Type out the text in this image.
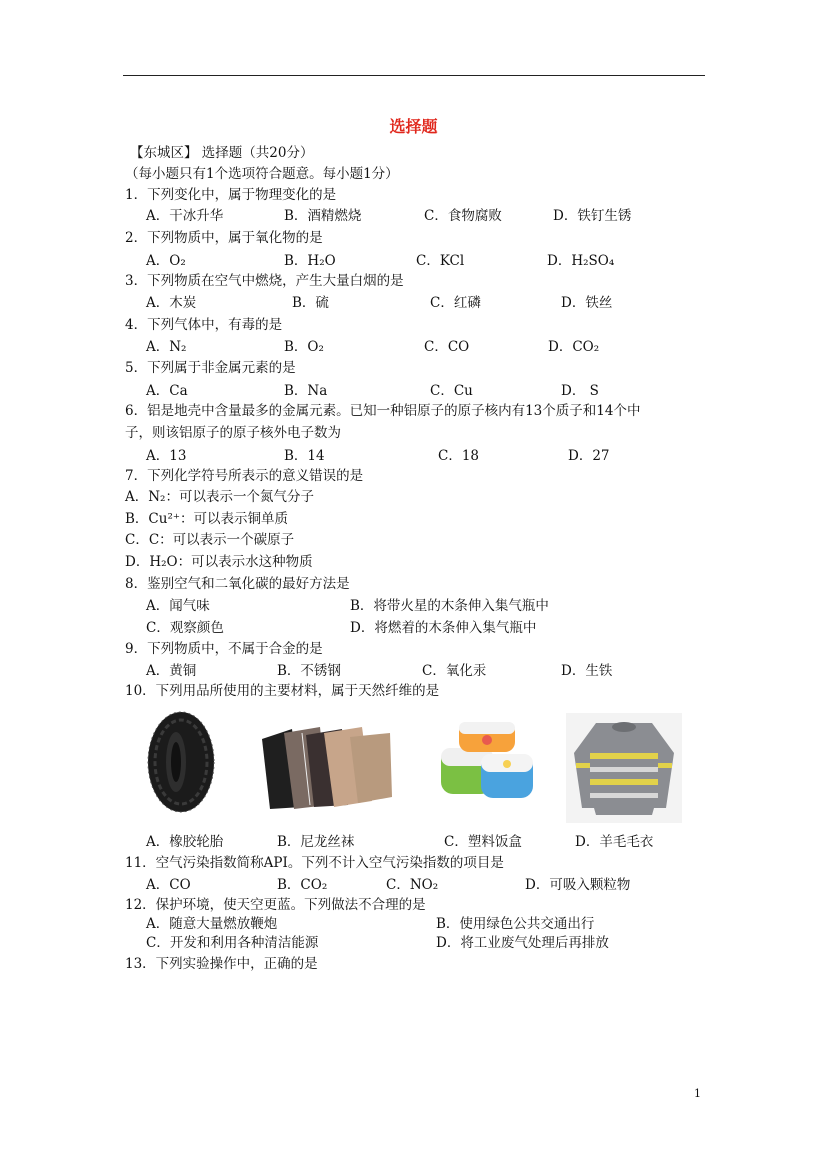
选择题
【东城区】 选择题（共20分）
（每小题只有1个选项符合题意。每小题1分）
1．下列变化中，属于物理变化的是
A．干冰升华	B．酒精燃烧	C．食物腐败	D．铁钉生锈
2．下列物质中，属于氧化物的是
A．O₂	B．H₂O	C．KCl	D．H₂SO₄
3．下列物质在空气中燃烧，产生大量白烟的是
A．木炭	B．硫	C．红磷	D．铁丝
4．下列气体中，有毒的是
A．N₂	B．O₂	C．CO	D．CO₂
5．下列属于非金属元素的是
A．Ca	B．Na	C．Cu	D． S
6．铝是地壳中含量最多的金属元素。已知一种铝原子的原子核内有13个质子和14个中
子，则该铝原子的原子核外电子数为
A．13	B．14	C．18	D．27
7．下列化学符号所表示的意义错误的是
A．N₂：可以表示一个氮气分子
B．Cu²⁺：可以表示铜单质
C．C：可以表示一个碳原子
D．H₂O：可以表示水这种物质
8．鉴别空气和二氧化碳的最好方法是
A．闻气味	B．将带火星的木条伸入集气瓶中
C．观察颜色	D．将燃着的木条伸入集气瓶中
9．下列物质中，不属于合金的是
A．黄铜	B．不锈钢	C．氧化汞	D．生铁
10．下列用品所使用的主要材料，属于天然纤维的是
A．橡胶轮胎	B．尼龙丝袜	C．塑料饭盒	D．羊毛毛衣
11．空气污染指数简称API。下列不计入空气污染指数的项目是
A．CO	B．CO₂	C．NO₂	D．可吸入颗粒物
12．保护环境，使天空更蓝。下列做法不合理的是
A．随意大量燃放鞭炮	B．使用绿色公共交通出行
C．开发和利用各种清洁能源	D．将工业废气处理后再排放
13．下列实验操作中，正确的是
1
